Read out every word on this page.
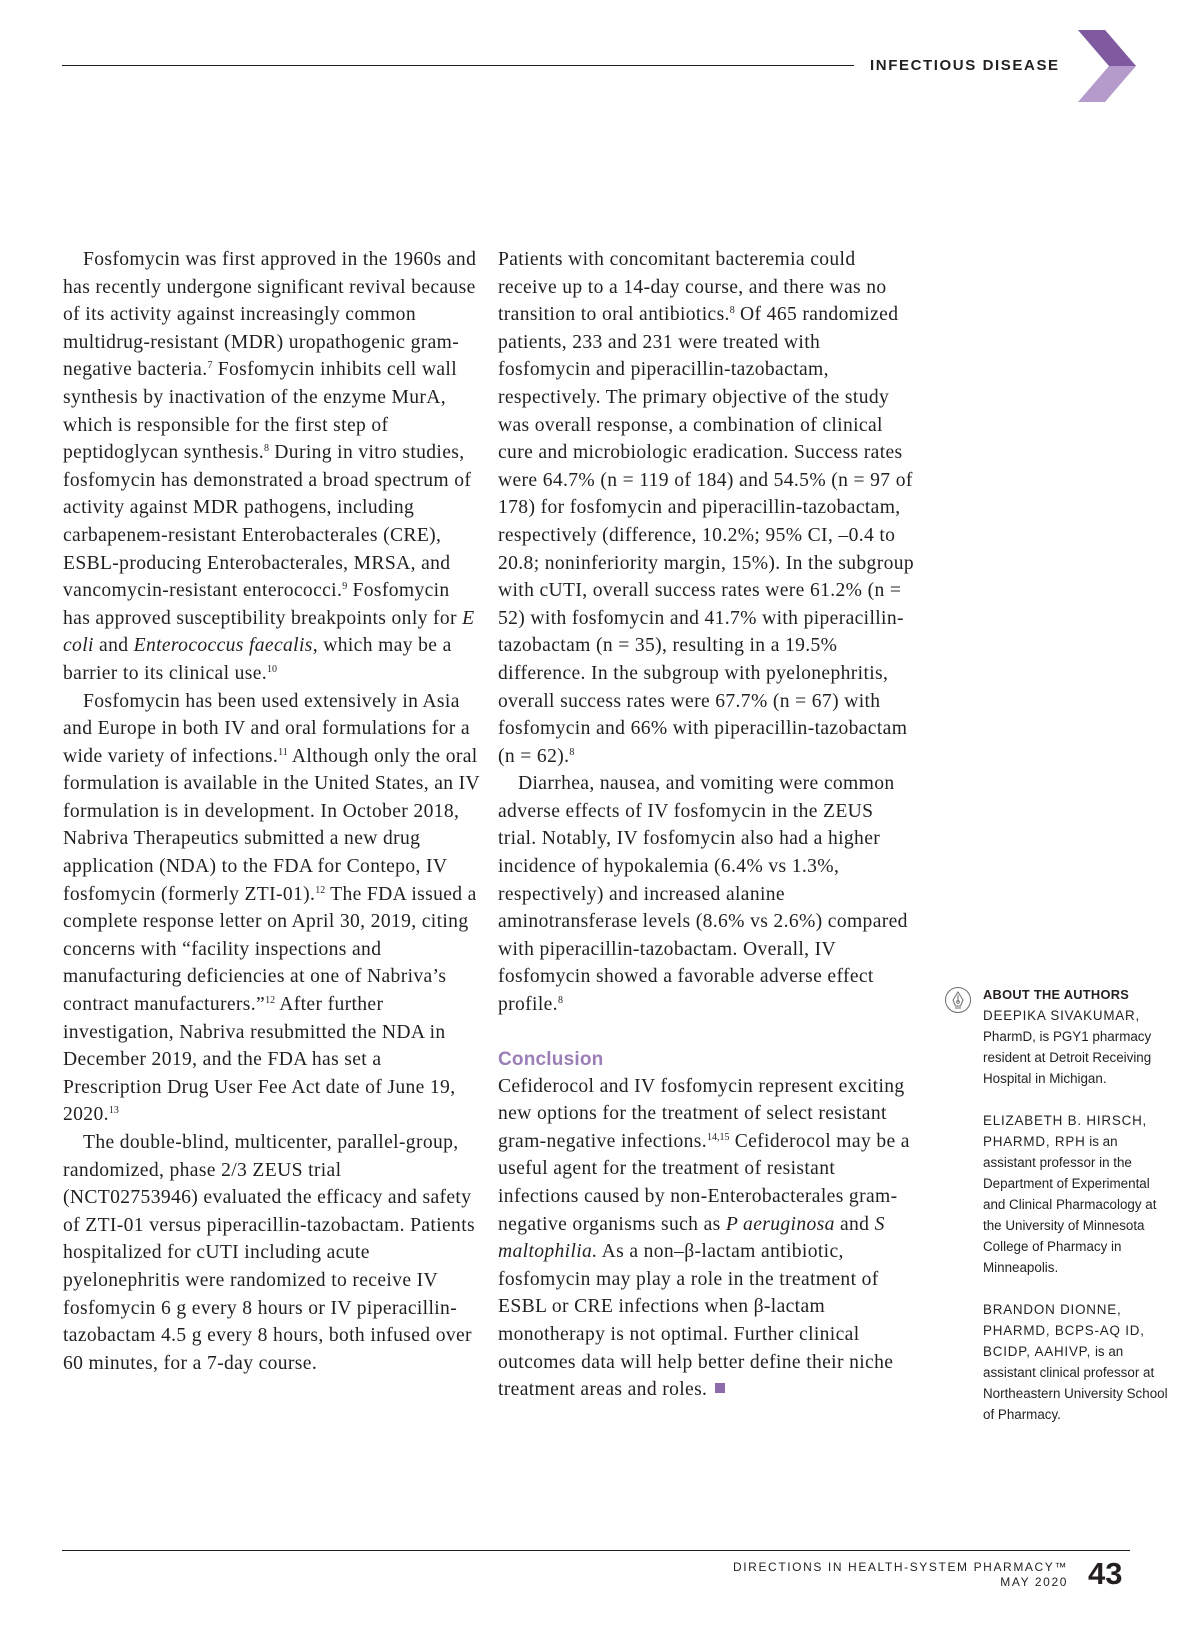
INFECTIOUS DISEASE

Fosfomycin was first approved in the 1960s and has recently undergone significant revival because of its activity against increasingly common multidrug-resistant (MDR) uropathogenic gram-negative bacteria.$^7$ Fosfomycin inhibits cell wall synthesis by inactivation of the enzyme MurA, which is responsible for the first step of peptidoglycan synthesis.$^8$ During in vitro studies, fosfomycin has demonstrated a broad spectrum of activity against MDR pathogens, including carbapenem-resistant Enterobacterales (CRE), ESBL-producing Enterobacterales, MRSA, and vancomycin-resistant enterococci.$^9$ Fosfomycin has approved susceptibility breakpoints only for E coli and Enterococcus faecalis, which may be a barrier to its clinical use.$^{10}$

Fosfomycin has been used extensively in Asia and Europe in both IV and oral formulations for a wide variety of infections.$^{11}$ Although only the oral formulation is available in the United States, an IV formulation is in development. In October 2018, Nabriva Therapeutics submitted a new drug application (NDA) to the FDA for Contepo, IV fosfomycin (formerly ZTI-01).$^{12}$ The FDA issued a complete response letter on April 30, 2019, citing concerns with “facility inspections and manufacturing deficiencies at one of Nabriva’s contract manufacturers.”$^{12}$ After further investigation, Nabriva resubmitted the NDA in December 2019, and the FDA has set a Prescription Drug User Fee Act date of June 19, 2020.13

The double-blind, multicenter, parallel-group, randomized, phase 2/3 ZEUS trial (NCT02753946) evaluated the efficacy and safety of ZTI-01 versus piperacillin-tazobactam. Patients hospitalized for cUTI including acute pyelonephritis were randomized to receive IV fosfomycin 6 g every 8 hours or IV piperacillin-tazobactam 4.5 g every 8 hours, both infused over 60 minutes, for a 7-day course.

Patients with concomitant bacteremia could receive up to a 14-day course, and there was no transition to oral antibiotics.$^8$ Of 465 randomized patients, 233 and 231 were treated with fosfomycin and piperacillin-tazobactam, respectively. The primary objective of the study was overall response, a combination of clinical cure and microbiologic eradication. Success rates were 64.7% (n = 119 of 184) and 54.5% (n = 97 of 178) for fosfomycin and piperacillin-tazobactam, respectively (difference, 10.2%; 95% CI, –0.4 to 20.8; noninferiority margin, 15%). In the subgroup with cUTI, overall success rates were 61.2% (n = 52) with fosfomycin and 41.7% with piperacillin-tazobactam (n = 35), resulting in a 19.5% difference. In the subgroup with pyelonephritis, overall success rates were 67.7% (n = 67) with fosfomycin and 66% with piperacillin-tazobactam (n = 62).$^8$

Diarrhea, nausea, and vomiting were common adverse effects of IV fosfomycin in the ZEUS trial. Notably, IV fosfomycin also had a higher incidence of hypokalemia (6.4% vs 1.3%, respectively) and increased alanine aminotransferase levels (8.6% vs 2.6%) compared with piperacillin-tazobactam. Overall, IV fosfomycin showed a favorable adverse effect profile.$^8$

Conclusion

Cefiderocol and IV fosfomycin represent exciting new options for the treatment of select resistant gram-negative infections.$^{14,15}$ Cefiderocol may be a useful agent for the treatment of resistant infections caused by non-Enterobacterales gram-negative organisms such as P aeruginosa and S maltophilia. As a non–β-lactam antibiotic, fosfomycin may play a role in the treatment of ESBL or CRE infections when β-lactam monotherapy is not optimal. Further clinical outcomes data will help better define their niche treatment areas and roles.

ABOUT THE AUTHORS
DEEPIKA SIVAKUMAR, PharmD, is PGY1 pharmacy resident at Detroit Receiving Hospital in Michigan.
ELIZABETH B. HIRSCH, PHARMD, RPH is an assistant professor in the Department of Experimental and Clinical Pharmacology at the University of Minnesota College of Pharmacy in Minneapolis.
BRANDON DIONNE, PHARMD, BCPS-AQ ID, BCIDP, AAHIVP, is an assistant clinical professor at Northeastern University School of Pharmacy.
DIRECTIONS IN HEALTH-SYSTEM PHARMACY™
MAY 2020 43
